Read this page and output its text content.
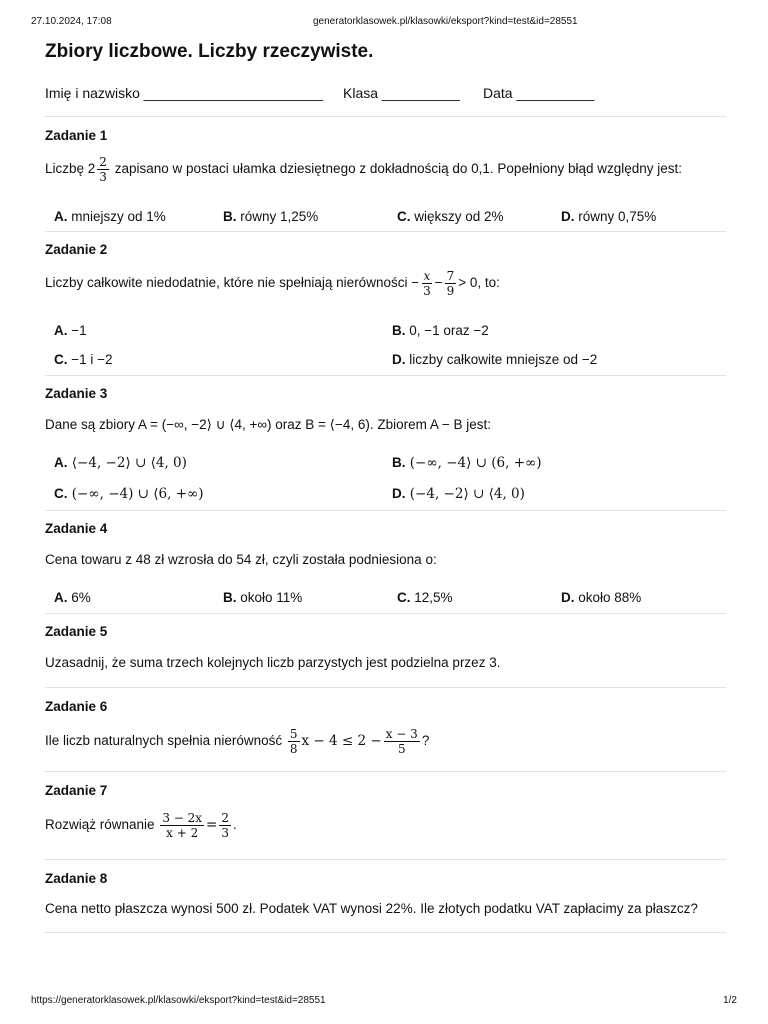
27.10.2024, 17:08	generatorklasowek.pl/klasowki/eksport?kind=test&id=28551
Zbiory liczbowe. Liczby rzeczywiste.
Imię i nazwisko _______________________ Klasa __________ Data __________
Zadanie 1
Liczbę $2 \frac{2}{3}$ zapisano w postaci ułamka dziesiętnego z dokładnością do 0,1. Popełniony błąd względny jest:
A. mniejszy od 1%	B. równy 1,25%	C. większy od 2%	D. równy 0,75%
Zadanie 2
Liczby całkowite niedodatnie, które nie spełniają nierówności − $\frac{x}{3} - \frac{7}{9} > 0$, to:
A. −1	B. 0, −1 oraz −2
C. −1 i −2	D. liczby całkowite mniejsze od −2
Zadanie 3
Dane są zbiory A = (−∞, −2⟩ ∪ ⟨4, +∞) oraz B = ⟨−4, 6). Zbiorem A − B jest:
A. ⟨−4, −2⟩ ∪ ⟨4, 0)	B. (−∞, −4⟩ ∪ (6, +∞)
C. (−∞, −4) ∪ ⟨6, +∞)	D. (−4, −2⟩ ∪ ⟨4, 0)
Zadanie 4
Cena towaru z 48 zł wzrosła do 54 zł, czyli została podniesiona o:
A. 6%	B. około 11%	C. 12,5%	D. około 88%
Zadanie 5
Uzasadnij, że suma trzech kolejnych liczb parzystych jest podzielna przez 3.
Zadanie 6
Ile liczb naturalnych spełnia nierówność $\frac{5}{8}$ $x - 4 \le 2 - \frac{x - 3}{5}$ ?
Zadanie 7
Rozwiąż równanie $\frac{3 - 2x}{x + 2} = \frac{2}{3}$ .
Zadanie 8
Cena netto płaszcza wynosi 500 zł. Podatek VAT wynosi 22%. Ile złotych podatku VAT zapłacimy za płaszcz?
https://generatorklasowek.pl/klasowki/eksport?kind=test&id=28551	1/2
